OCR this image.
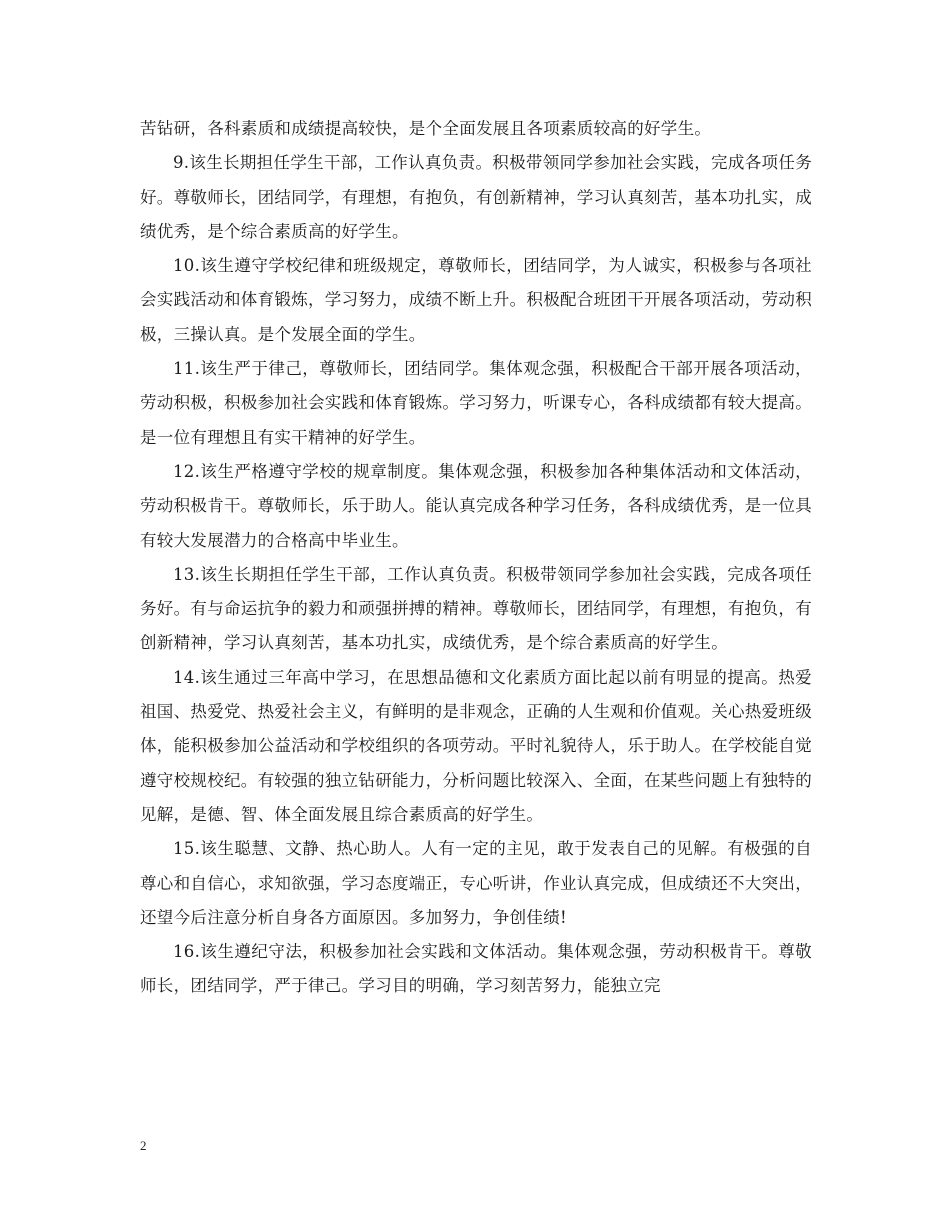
苦钻研，各科素质和成绩提高较快，是个全面发展且各项素质较高的好学生。

9.该生长期担任学生干部，工作认真负责。积极带领同学参加社会实践，完成各项任务好。尊敬师长，团结同学，有理想，有抱负，有创新精神，学习认真刻苦，基本功扎实，成绩优秀，是个综合素质高的好学生。

10.该生遵守学校纪律和班级规定，尊敬师长，团结同学，为人诚实，积极参与各项社会实践活动和体育锻炼，学习努力，成绩不断上升。积极配合班团干开展各项活动，劳动积极，三操认真。是个发展全面的学生。

11.该生严于律己，尊敬师长，团结同学。集体观念强，积极配合干部开展各项活动，劳动积极，积极参加社会实践和体育锻炼。学习努力，听课专心，各科成绩都有较大提高。是一位有理想且有实干精神的好学生。

12.该生严格遵守学校的规章制度。集体观念强，积极参加各种集体活动和文体活动，劳动积极肯干。尊敬师长，乐于助人。能认真完成各种学习任务，各科成绩优秀，是一位具有较大发展潜力的合格高中毕业生。

13.该生长期担任学生干部，工作认真负责。积极带领同学参加社会实践，完成各项任务好。有与命运抗争的毅力和顽强拼搏的精神。尊敬师长，团结同学，有理想，有抱负，有创新精神，学习认真刻苦，基本功扎实，成绩优秀，是个综合素质高的好学生。

14.该生通过三年高中学习，在思想品德和文化素质方面比起以前有明显的提高。热爱祖国、热爱党、热爱社会主义，有鲜明的是非观念，正确的人生观和价值观。关心热爱班级体，能积极参加公益活动和学校组织的各项劳动。平时礼貌待人，乐于助人。在学校能自觉遵守校规校纪。有较强的独立钻研能力，分析问题比较深入、全面，在某些问题上有独特的见解，是德、智、体全面发展且综合素质高的好学生。

15.该生聪慧、文静、热心助人。人有一定的主见，敢于发表自己的见解。有极强的自尊心和自信心，求知欲强，学习态度端正，专心听讲，作业认真完成，但成绩还不大突出，还望今后注意分析自身各方面原因。多加努力，争创佳绩!

16.该生遵纪守法，积极参加社会实践和文体活动。集体观念强，劳动积极肯干。尊敬师长，团结同学，严于律己。学习目的明确，学习刻苦努力，能独立完

2
